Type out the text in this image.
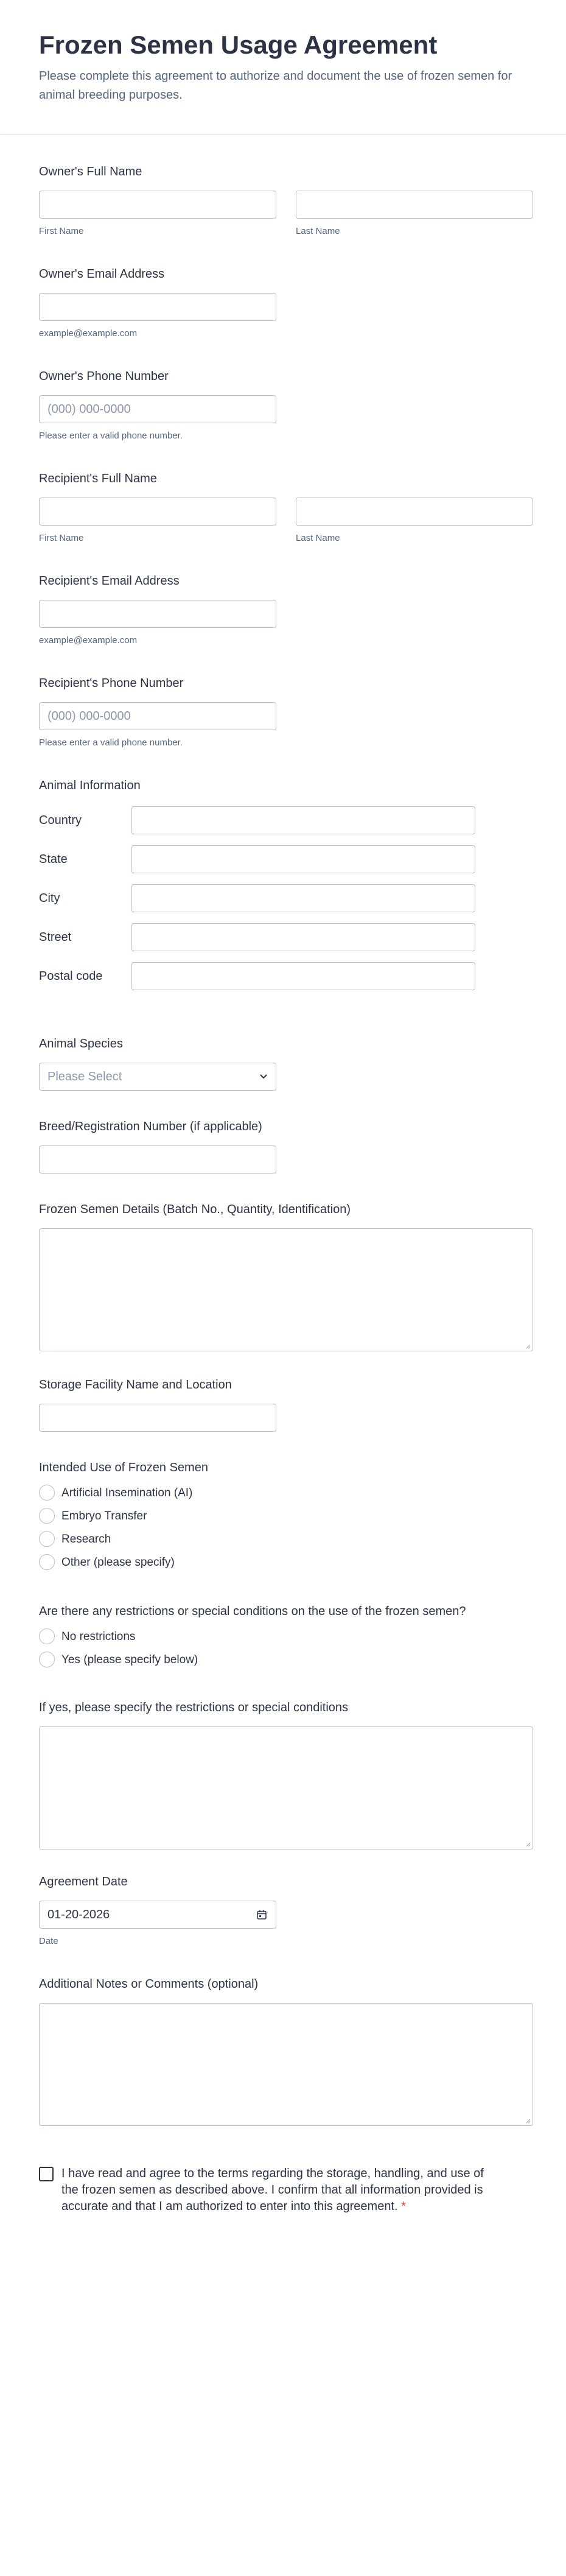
Frozen Semen Usage Agreement

Please complete this agreement to authorize and document the use of frozen semen for animal breeding purposes.

Owner's Full Name
First Name	Last Name
Owner's Email Address
example@example.com
Owner's Phone Number
(000) 000-0000
Please enter a valid phone number.
Recipient's Full Name
First Name	Last Name
Recipient's Email Address
example@example.com
Recipient's Phone Number
(000) 000-0000
Please enter a valid phone number.
Animal Information
Country
State
City
Street
Postal code
Animal Species
Please Select
Breed/Registration Number (if applicable)
Frozen Semen Details (Batch No., Quantity, Identification)
Storage Facility Name and Location
Intended Use of Frozen Semen
Artificial Insemination (AI)
Embryo Transfer
Research
Other (please specify)
Are there any restrictions or special conditions on the use of the frozen semen?
No restrictions
Yes (please specify below)
If yes, please specify the restrictions or special conditions
Agreement Date
01-20-2026
Date
Additional Notes or Comments (optional)
I have read and agree to the terms regarding the storage, handling, and use of the frozen semen as described above. I confirm that all information provided is accurate and that I am authorized to enter into this agreement. *
